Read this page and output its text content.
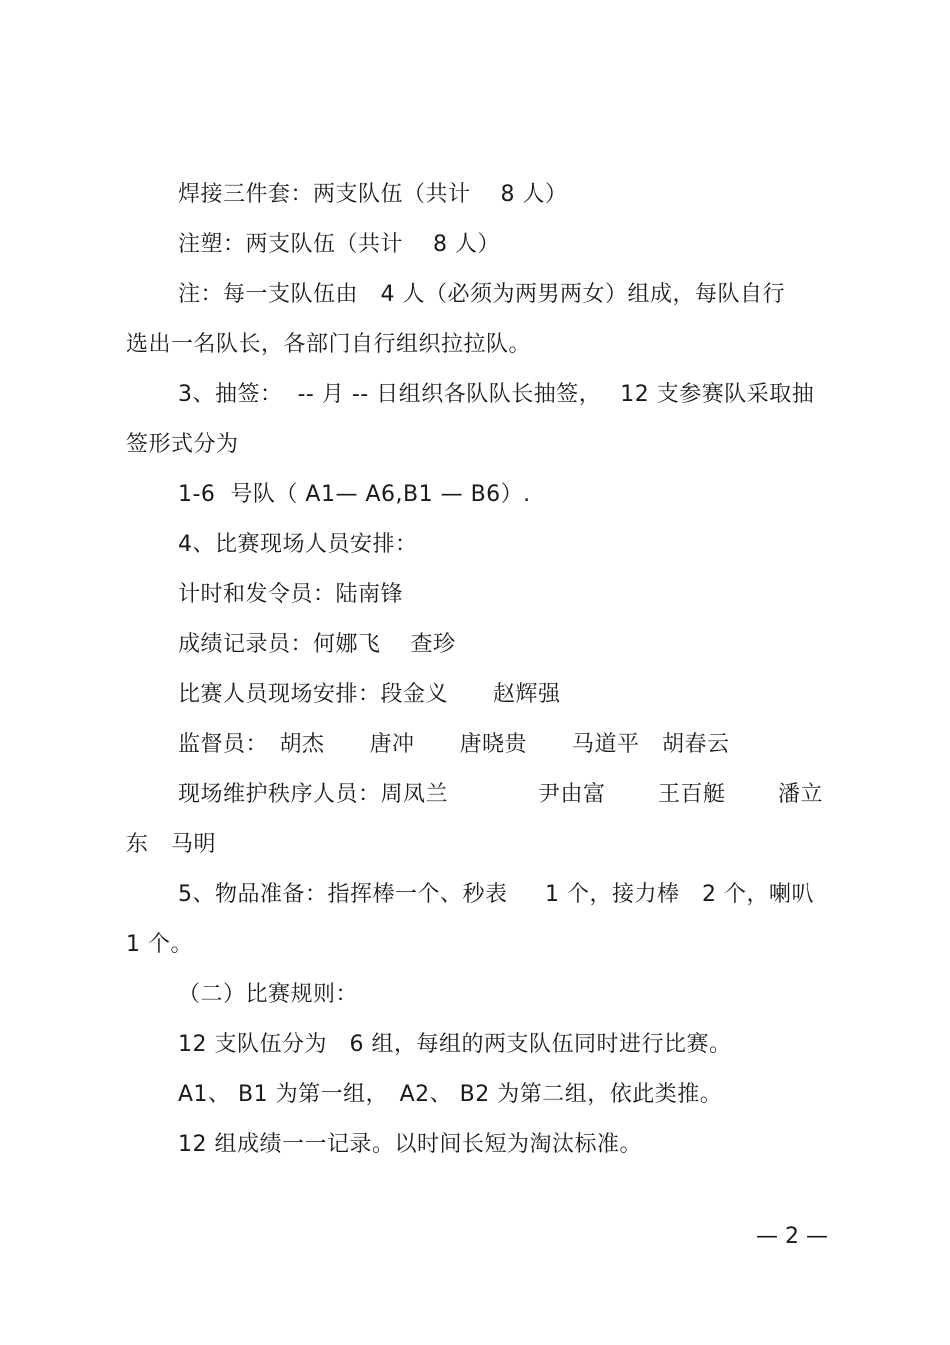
焊接三件套：两支队伍（共计　 8 人）
注塑：两支队伍（共计　 8 人）
注：每一支队伍由　4 人（必须为两男两女）组成，每队自行
选出一名队长，各部门自行组织拉拉队。
3、抽签：  -- 月 -- 日组织各队队长抽签，　 12 支参赛队采取抽
签形式分为
1-6  号队（ A1— A6,B1 — B6）.
4、比赛现场人员安排：
计时和发令员：陆南锋
成绩记录员：何娜飞　 查珍
比赛人员现场安排：段金义　　赵辉强
监督员：　胡杰　　唐冲　　唐晓贵　　马道平　胡春云
现场维护秩序人员：周凤兰　　　　尹由富　　 王百艇　　 潘立
东　马明
5、物品准备：指挥棒一个、秒表　  1 个，接力棒　2 个，喇叭
1 个。
（二）比赛规则：
12 支队伍分为　6 组，每组的两支队伍同时进行比赛。
A1、 B1 为第一组，　A2、 B2 为第二组，依此类推。
12 组成绩一一记录。以时间长短为淘汰标准。
— 2 —
